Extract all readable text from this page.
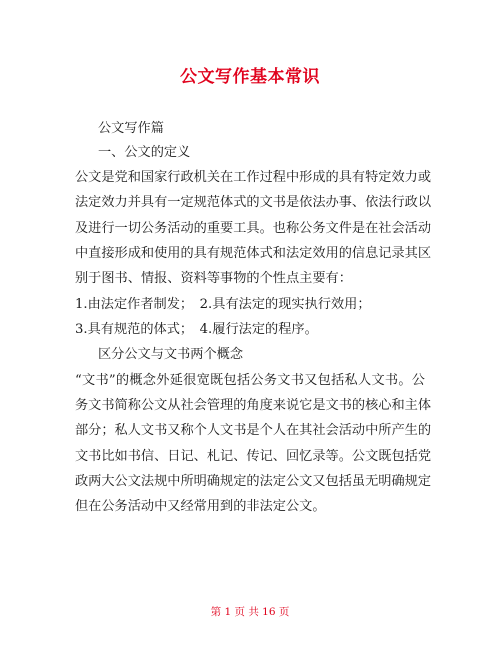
公文写作基本常识
公文写作篇
一、公文的定义
公文是党和国家行政机关在工作过程中形成的具有特定效力或
法定效力并具有一定规范体式的文书是依法办事、依法行政以
及进行一切公务活动的重要工具。也称公务文件是在社会活动
中直接形成和使用的具有规范体式和法定效用的信息记录其区
别于图书、情报、资料等事物的个性点主要有：
1.由法定作者制发；　2.具有法定的现实执行效用；
3.具有规范的体式；　4.履行法定的程序。
区分公文与文书两个概念
“文书”的概念外延很宽既包括公务文书又包括私人文书。公
务文书简称公文从社会管理的角度来说它是文书的核心和主体
部分；私人文书又称个人文书是个人在其社会活动中所产生的
文书比如书信、日记、札记、传记、回忆录等。公文既包括党
政两大公文法规中所明确规定的法定公文又包括虽无明确规定
但在公务活动中又经常用到的非法定公文。
第 1 页 共 16 页
